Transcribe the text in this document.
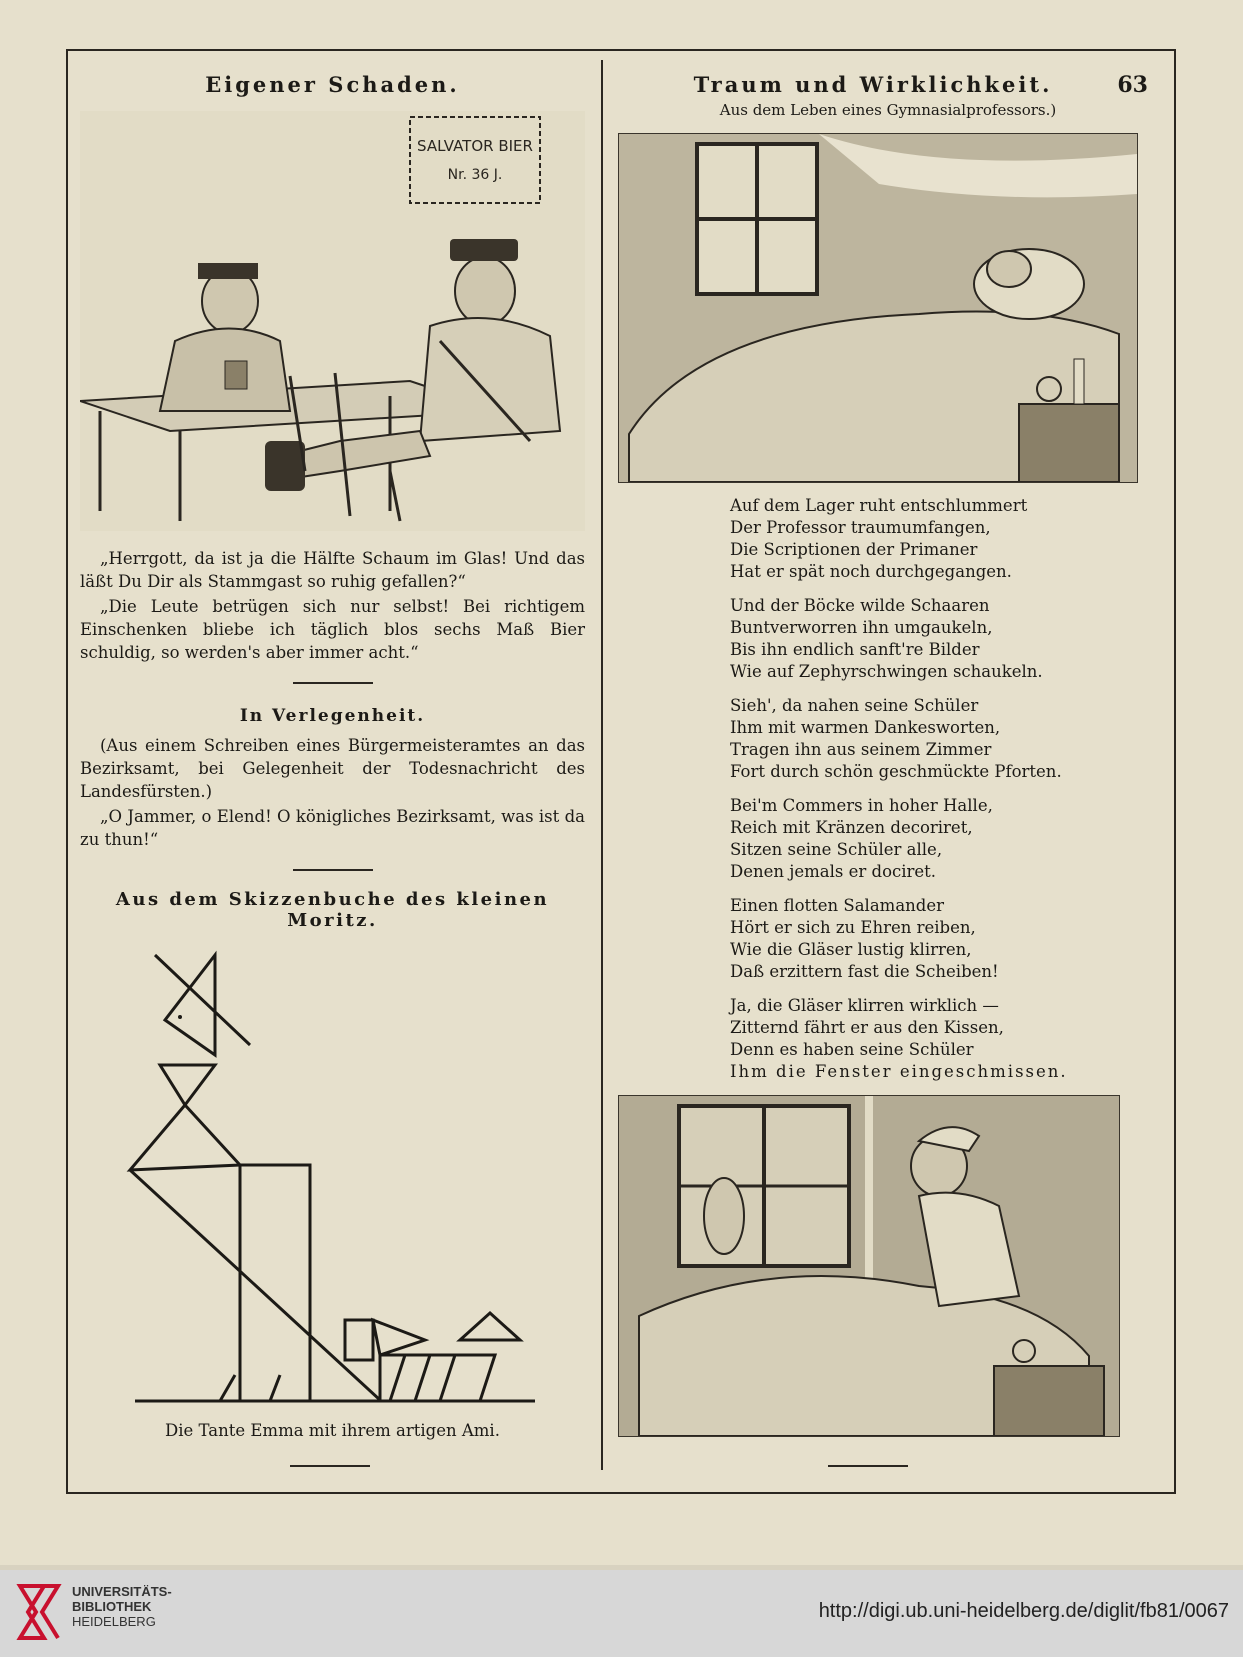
63
Eigener Schaden.
SALVATOR BIER
Nr. 36 J.

„Herrgott, da ist ja die Hälfte Schaum im Glas! Und das läßt Du Dir als Stammgast so ruhig gefallen?“

„Die Leute betrügen sich nur selbst! Bei richtigem Einschenken bliebe ich täglich blos sechs Maß Bier schuldig, so werden's aber immer acht.“

In Verlegenheit.

(Aus einem Schreiben eines Bürgermeisteramtes an das Bezirksamt, bei Gelegenheit der Todesnachricht des Landesfürsten.)

„O Jammer, o Elend! O königliches Bezirksamt, was ist da zu thun!“

Aus dem Skizzenbuche des kleinen Moritz.
Die Tante Emma mit ihrem artigen Ami.
Traum und Wirklichkeit.
Aus dem Leben eines Gymnasialprofessors.)

Auf dem Lager ruht entschlummert

Der Professor traumumfangen,

Die Scriptionen der Primaner

Hat er spät noch durchgegangen.

Und der Böcke wilde Schaaren

Buntverworren ihn umgaukeln,

Bis ihn endlich sanft're Bilder

Wie auf Zephyrschwingen schaukeln.

Sieh', da nahen seine Schüler

Ihm mit warmen Dankesworten,

Tragen ihn aus seinem Zimmer

Fort durch schön geschmückte Pforten.

Bei'm Commers in hoher Halle,

Reich mit Kränzen decoriret,

Sitzen seine Schüler alle,

Denen jemals er dociret.

Einen flotten Salamander

Hört er sich zu Ehren reiben,

Wie die Gläser lustig klirren,

Daß erzittern fast die Scheiben!

Ja, die Gläser klirren wirklich —

Zitternd fährt er aus den Kissen,

Denn es haben seine Schüler

Ihm die Fenster eingeschmissen.

UNIVERSITÄTS-
BIBLIOTHEK
HEIDELBERG	http://digi.ub.uni-heidelberg.de/diglit/fb81/0067
